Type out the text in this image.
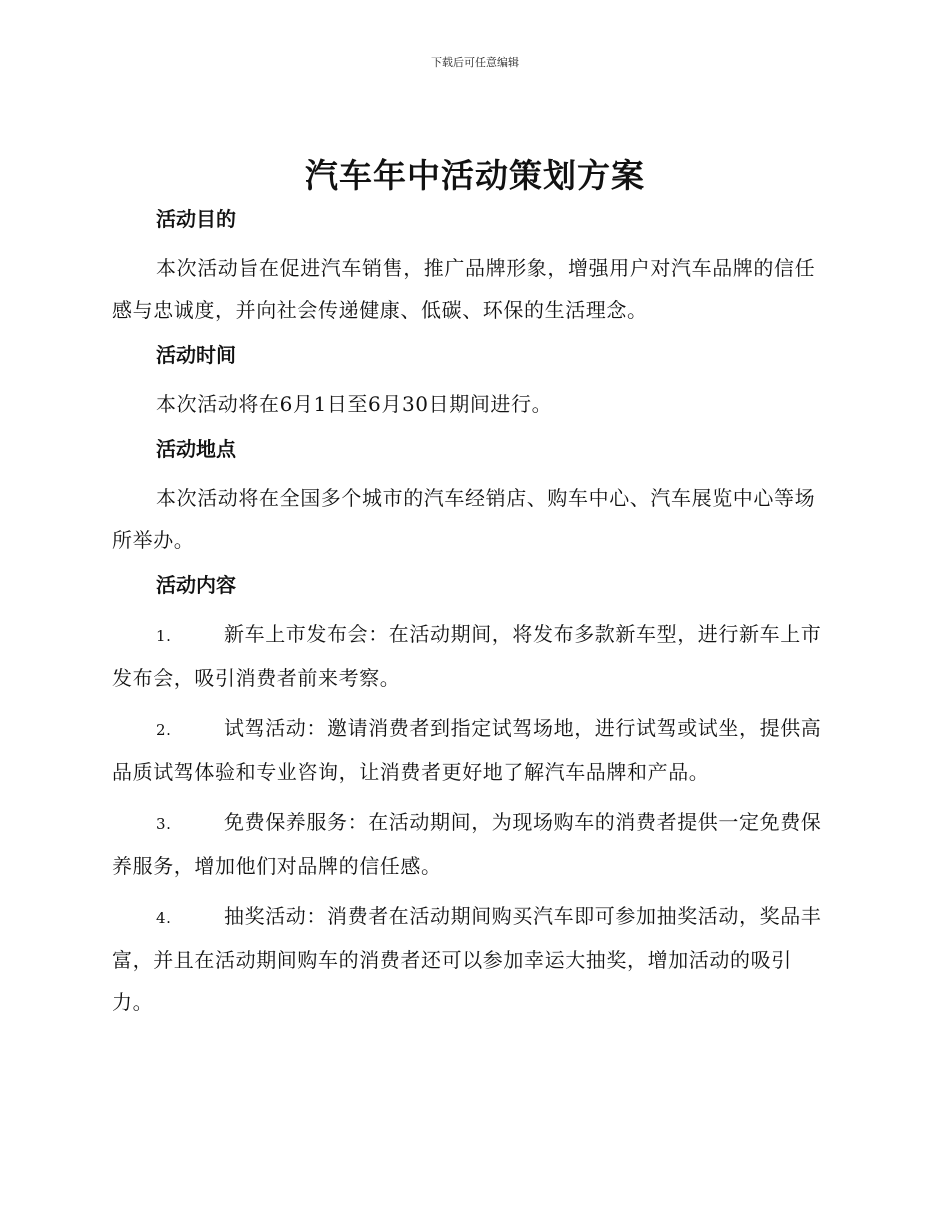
下载后可任意编辑
汽车年中活动策划方案
活动目的

本次活动旨在促进汽车销售，推广品牌形象，增强用户对汽车品牌的信任感与忠诚度，并向社会传递健康、低碳、环保的生活理念。

活动时间

本次活动将在6月1日至6月30日期间进行。

活动地点

本次活动将在全国多个城市的汽车经销店、购车中心、汽车展览中心等场所举办。

活动内容
1.	新车上市发布会：在活动期间，将发布多款新车型，进行新车上市发布会，吸引消费者前来考察。
2.	试驾活动：邀请消费者到指定试驾场地，进行试驾或试坐，提供高品质试驾体验和专业咨询，让消费者更好地了解汽车品牌和产品。
3.	免费保养服务：在活动期间，为现场购车的消费者提供一定免费保养服务，增加他们对品牌的信任感。
4.	抽奖活动：消费者在活动期间购买汽车即可参加抽奖活动，奖品丰富，并且在活动期间购车的消费者还可以参加幸运大抽奖，增加活动的吸引力。
